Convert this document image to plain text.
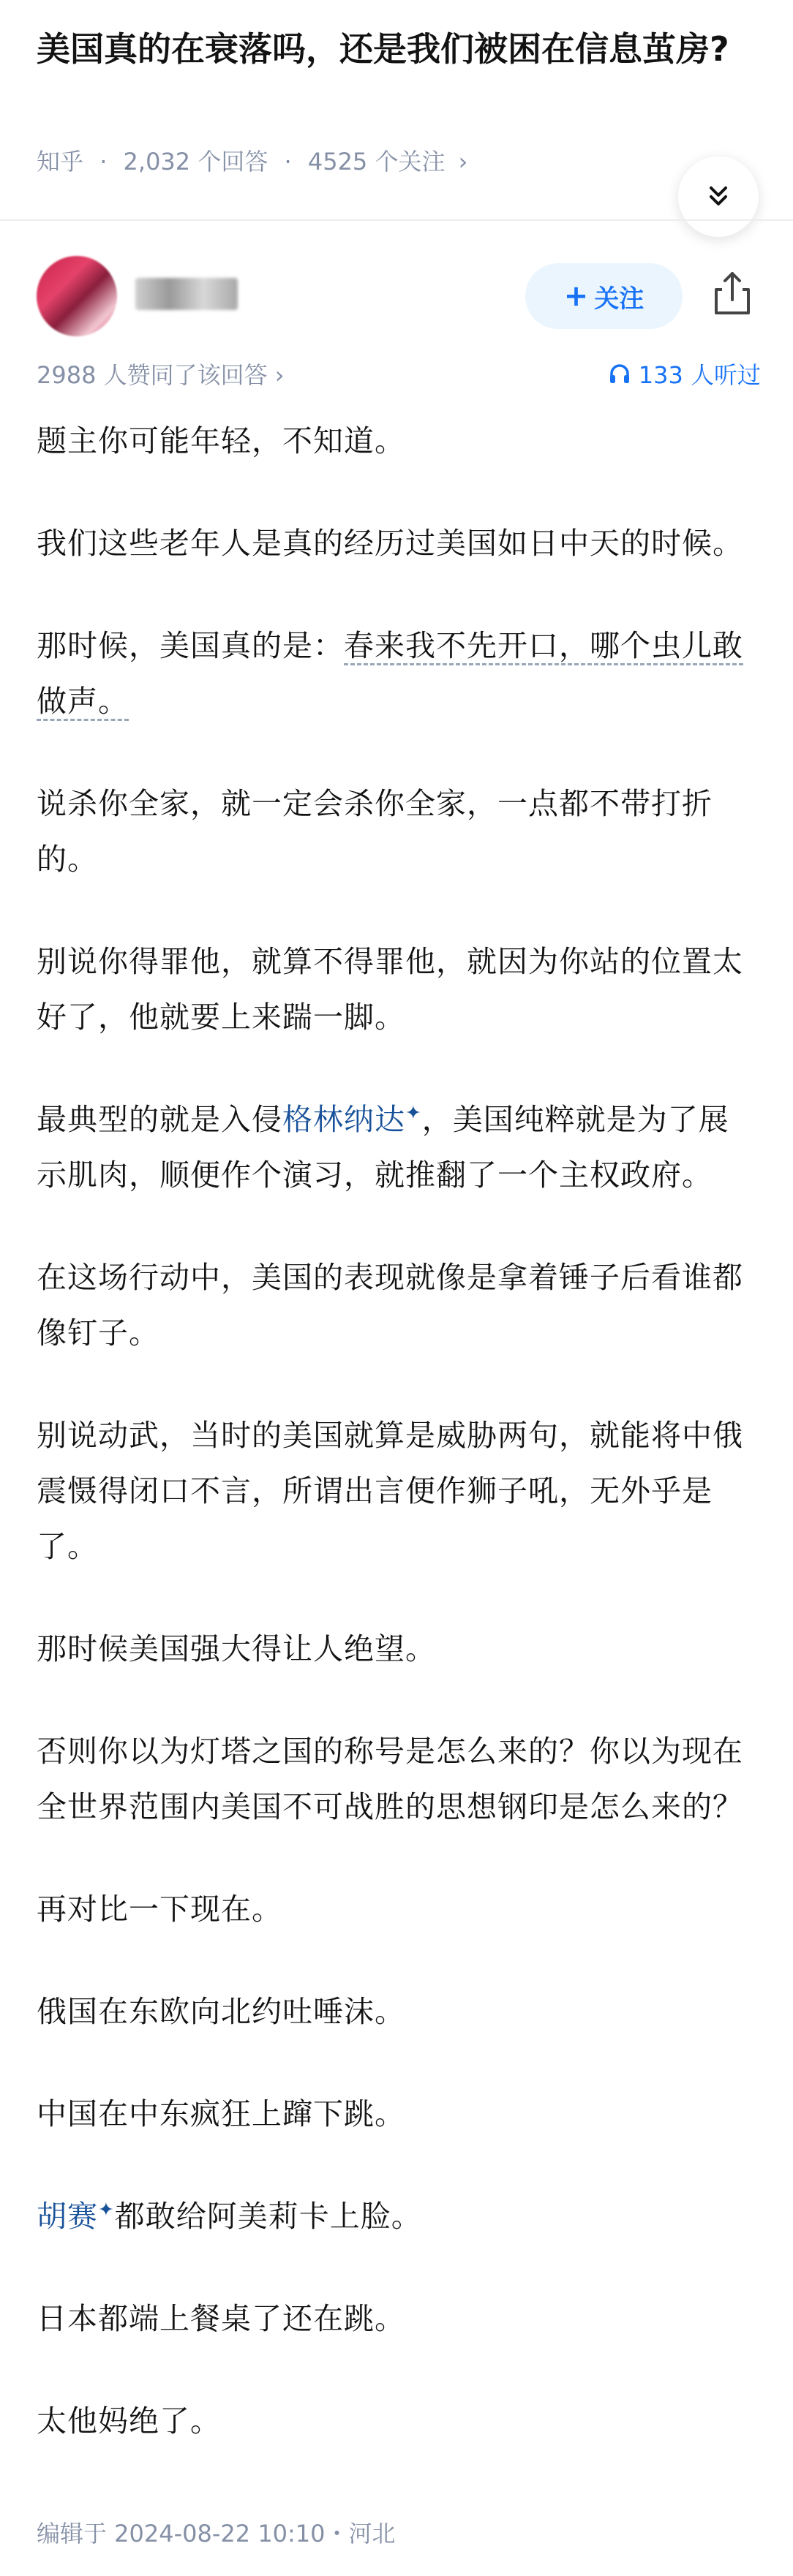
美国真的在衰落吗，还是我们被困在信息茧房?
知乎 · 2,032 个回答 · 4525 个关注 ›
+ 关注
2988 人赞同了该回答 ›	133 人听过

题主你可能年轻，不知道。

我们这些老年人是真的经历过美国如日中天的时候。

那时候，美国真的是：春来我不先开口，哪个虫儿敢做声。

说杀你全家，就一定会杀你全家，一点都不带打折的。

别说你得罪他，就算不得罪他，就因为你站的位置太好了，他就要上来踹一脚。

最典型的就是入侵格林纳达✦，美国纯粹就是为了展示肌肉，顺便作个演习，就推翻了一个主权政府。

在这场行动中，美国的表现就像是拿着锤子后看谁都像钉子。

别说动武，当时的美国就算是威胁两句，就能将中俄震慑得闭口不言，所谓出言便作狮子吼，无外乎是了。

那时候美国强大得让人绝望。

否则你以为灯塔之国的称号是怎么来的？你以为现在全世界范围内美国不可战胜的思想钢印是怎么来的？

再对比一下现在。

俄国在东欧向北约吐唾沫。

中国在中东疯狂上蹿下跳。

胡赛✦都敢给阿美莉卡上脸。

日本都端上餐桌了还在跳。

太他妈绝了。

编辑于 2024-08-22 10:10・河北
